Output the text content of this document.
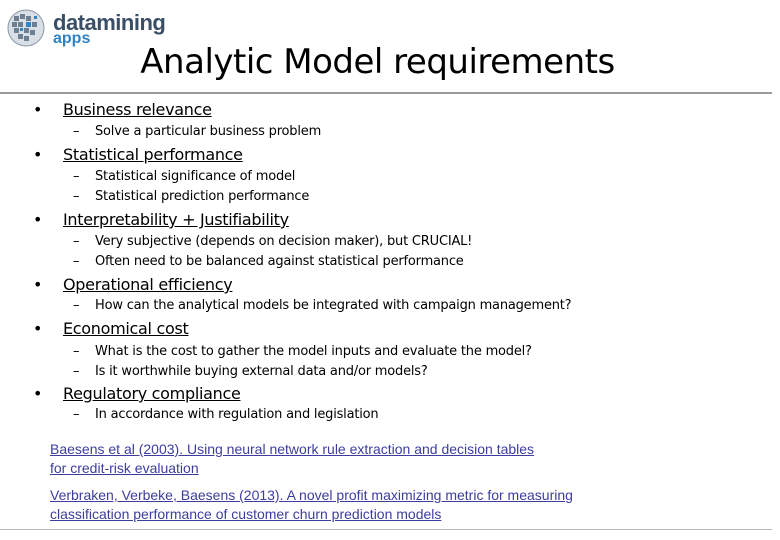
datamining
apps
Analytic Model requirements
• Business relevance
– Solve a particular business problem
• Statistical performance
– Statistical significance of model
– Statistical prediction performance
• Interpretability + Justifiability
– Very subjective (depends on decision maker), but CRUCIAL!
– Often need to be balanced against statistical performance
• Operational efficiency
– How can the analytical models be integrated with campaign management?
• Economical cost
– What is the cost to gather the model inputs and evaluate the model?
– Is it worthwhile buying external data and/or models?
• Regulatory compliance
– In accordance with regulation and legislation
Baesens et al (2003). Using neural network rule extraction and decision tables
for credit-risk evaluation
Verbraken, Verbeke, Baesens (2013). A novel profit maximizing metric for measuring
classification performance of customer churn prediction models
